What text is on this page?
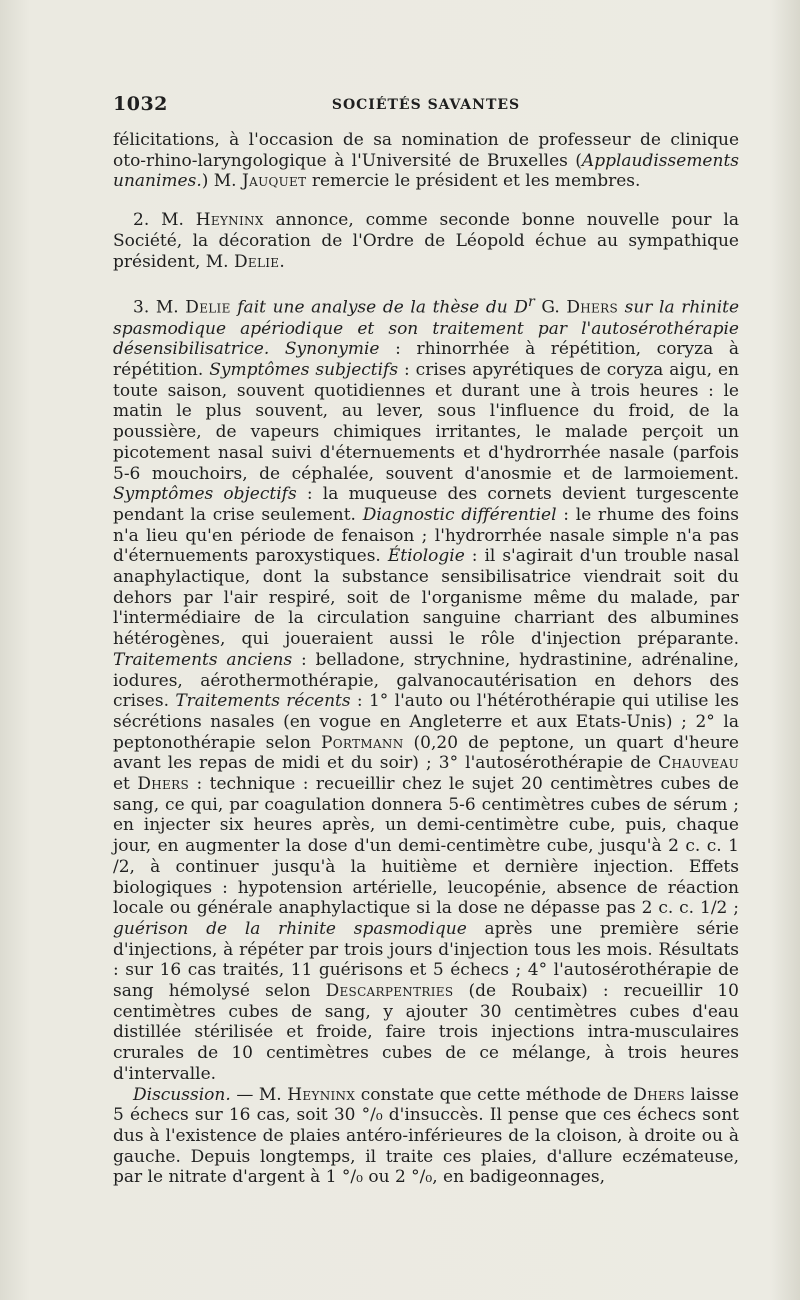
1032	SOCIÉTÉS SAVANTES

félicitations, à l'occasion de sa nomination de professeur de clinique oto-rhino-laryngologique à l'Université de Bruxelles (Applaudissements unanimes.) M. Jauquet remercie le président et les membres.

2. M. Heyninx annonce, comme seconde bonne nouvelle pour la Société, la décoration de l'Ordre de Léopold échue au sympathique président, M. Delie.

3. M. Delie fait une analyse de la thèse du $D^r$ G. Dhers sur la rhinite spasmodique apériodique et son traitement par l'autosérothérapie désensibilisatrice. Synonymie : rhinorrhée à répétition, coryza à répétition. Symptômes subjectifs : crises apyrétiques de coryza aigu, en toute saison, souvent quotidiennes et durant une à trois heures : le matin le plus souvent, au lever, sous l'influence du froid, de la poussière, de vapeurs chimiques irritantes, le malade perçoit un picotement nasal suivi d'éternuements et d'hydrorrhée nasale (parfois 5-6 mouchoirs, de céphalée, souvent d'anosmie et de larmoiement. Symptômes objectifs : la muqueuse des cornets devient turgescente pendant la crise seulement. Diagnostic différentiel : le rhume des foins n'a lieu qu'en période de fenaison ; l'hydrorrhée nasale simple n'a pas d'éternuements paroxystiques. Étiologie : il s'agirait d'un trouble nasal anaphylactique, dont la substance sensibilisatrice viendrait soit du dehors par l'air respiré, soit de l'organisme même du malade, par l'intermédiaire de la circulation sanguine charriant des albumines hétérogènes, qui joueraient aussi le rôle d'injection préparante. Traitements anciens : belladone, strychnine, hydrastinine, adrénaline, iodures, aérothermothérapie, galvanocautérisation en dehors des crises. Traitements récents : 1° l'auto ou l'hétérothérapie qui utilise les sécrétions nasales (en vogue en Angleterre et aux Etats-Unis) ; 2° la peptonothérapie selon Portmann (0,20 de peptone, un quart d'heure avant les repas de midi et du soir) ; 3° l'autosérothérapie de Chauveau et Dhers : technique : recueillir chez le sujet 20 centimètres cubes de sang, ce qui, par coagulation donnera 5-6 centimètres cubes de sérum ; en injecter six heures après, un demi-centimètre cube, puis, chaque jour, en augmenter la dose d'un demi-centimètre cube, jusqu'à 2 c. c. 1 /2, à continuer jusqu'à la huitième et dernière injection. Effets biologiques : hypotension artérielle, leucopénie, absence de réaction locale ou générale anaphylactique si la dose ne dépasse pas 2 c. c. 1/2 ; guérison de la rhinite spasmodique après une première série d'injections, à répéter par trois jours d'injection tous les mois. Résultats : sur 16 cas traités, 11 guérisons et 5 échecs ; 4° l'autosérothérapie de sang hémolysé selon Descarpentries (de Roubaix) : recueillir 10 centimètres cubes de sang, y ajouter 30 centimètres cubes d'eau distillée stérilisée et froide, faire trois injections intra-musculaires crurales de 10 centimètres cubes de ce mélange, à trois heures d'intervalle.

Discussion. — M. Heyninx constate que cette méthode de Dhers laisse 5 échecs sur 16 cas, soit 30 °/₀ d'insuccès. Il pense que ces échecs sont dus à l'existence de plaies antéro-inférieures de la cloison, à droite ou à gauche. Depuis longtemps, il traite ces plaies, d'allure eczémateuse, par le nitrate d'argent à 1 °/₀ ou 2 °/₀, en badigeonnages,
